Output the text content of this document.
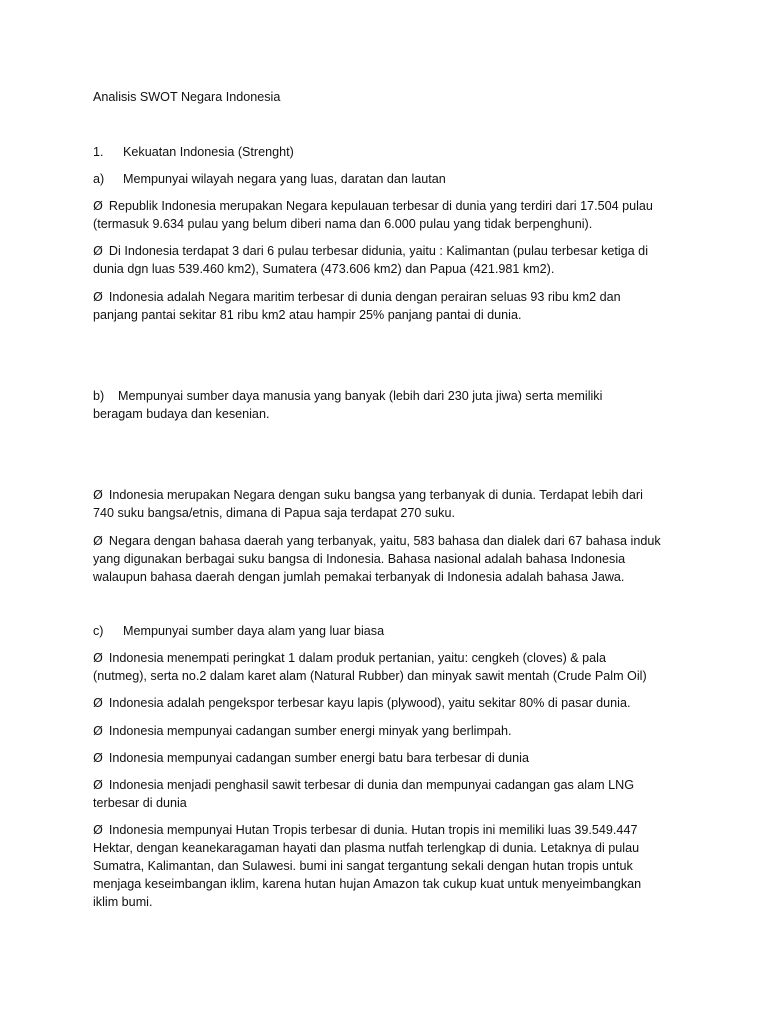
Analisis SWOT Negara Indonesia
1. Kekuatan Indonesia (Strenght)
a) Mempunyai wilayah negara yang luas, daratan dan lautan
Ø Republik Indonesia merupakan Negara kepulauan terbesar di dunia yang terdiri dari 17.504 pulau
(termasuk 9.634 pulau yang belum diberi nama dan 6.000 pulau yang tidak berpenghuni).
Ø Di Indonesia terdapat 3 dari 6 pulau terbesar didunia, yaitu : Kalimantan (pulau terbesar ketiga di
dunia dgn luas 539.460 km2), Sumatera (473.606 km2) dan Papua (421.981 km2).
Ø Indonesia adalah Negara maritim terbesar di dunia dengan perairan seluas 93 ribu km2 dan
panjang pantai sekitar 81 ribu km2 atau hampir 25% panjang pantai di dunia.
b) Mempunyai sumber daya manusia yang banyak (lebih dari 230 juta jiwa) serta memiliki
beragam budaya dan kesenian.
Ø Indonesia merupakan Negara dengan suku bangsa yang terbanyak di dunia. Terdapat lebih dari
740 suku bangsa/etnis, dimana di Papua saja terdapat 270 suku.
Ø Negara dengan bahasa daerah yang terbanyak, yaitu, 583 bahasa dan dialek dari 67 bahasa induk
yang digunakan berbagai suku bangsa di Indonesia. Bahasa nasional adalah bahasa Indonesia
walaupun bahasa daerah dengan jumlah pemakai terbanyak di Indonesia adalah bahasa Jawa.
c) Mempunyai sumber daya alam yang luar biasa
Ø Indonesia menempati peringkat 1 dalam produk pertanian, yaitu: cengkeh (cloves) & pala
(nutmeg), serta no.2 dalam karet alam (Natural Rubber) dan minyak sawit mentah (Crude Palm Oil)
Ø Indonesia adalah pengekspor terbesar kayu lapis (plywood), yaitu sekitar 80% di pasar dunia.
Ø Indonesia mempunyai cadangan sumber energi minyak yang berlimpah.
Ø Indonesia mempunyai cadangan sumber energi batu bara terbesar di dunia
Ø Indonesia menjadi penghasil sawit terbesar di dunia dan mempunyai cadangan gas alam LNG
terbesar di dunia
Ø Indonesia mempunyai Hutan Tropis terbesar di dunia. Hutan tropis ini memiliki luas 39.549.447
Hektar, dengan keanekaragaman hayati dan plasma nutfah terlengkap di dunia. Letaknya di pulau
Sumatra, Kalimantan, dan Sulawesi. bumi ini sangat tergantung sekali dengan hutan tropis untuk
menjaga keseimbangan iklim, karena hutan hujan Amazon tak cukup kuat untuk menyeimbangkan
iklim bumi.
